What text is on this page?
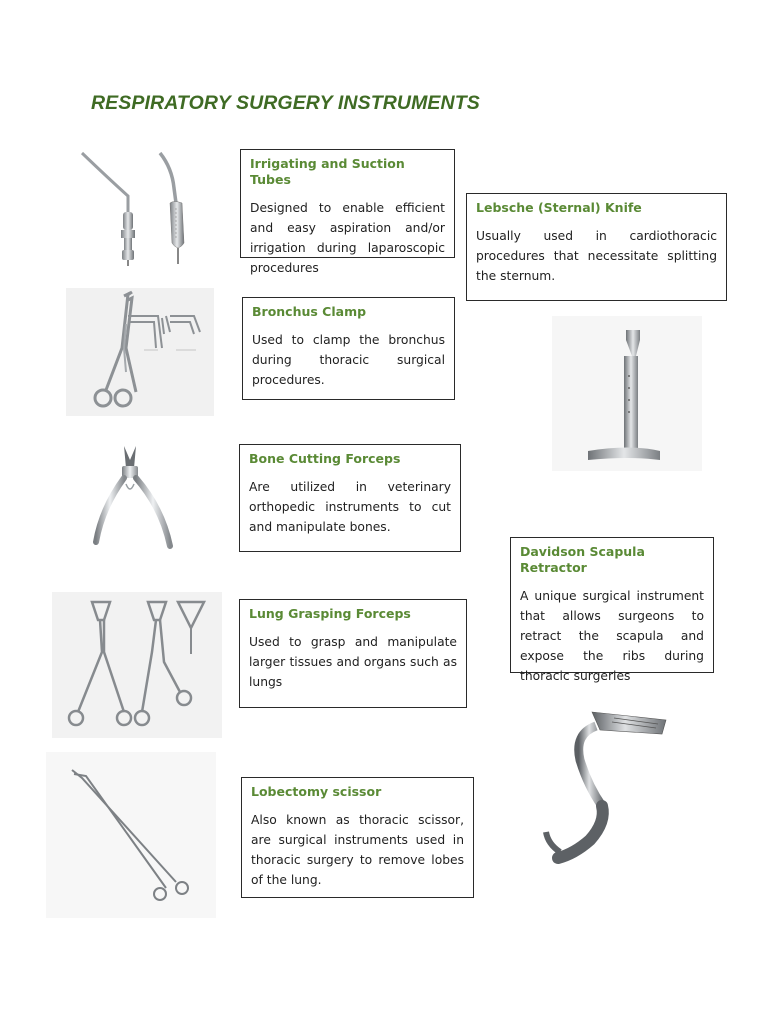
RESPIRATORY SURGERY INSTRUMENTS
Irrigating and Suction Tubes

Designed to enable efficient and easy aspiration and/or irrigation during laparoscopic procedures

Lebsche (Sternal) Knife

Usually used in cardiothoracic procedures that necessitate splitting the sternum.

Bronchus Clamp

Used to clamp the bronchus during thoracic surgical procedures.

Bone Cutting Forceps

Are utilized in veterinary orthopedic instruments to cut and manipulate bones.

Davidson Scapula Retractor

A unique surgical instrument that allows surgeons to retract the scapula and expose the ribs during thoracic surgeries

Lung Grasping Forceps

Used to grasp and manipulate larger tissues and organs such as lungs

Lobectomy scissor

Also known as thoracic scissor, are surgical instruments used in thoracic surgery to remove lobes of the lung.
